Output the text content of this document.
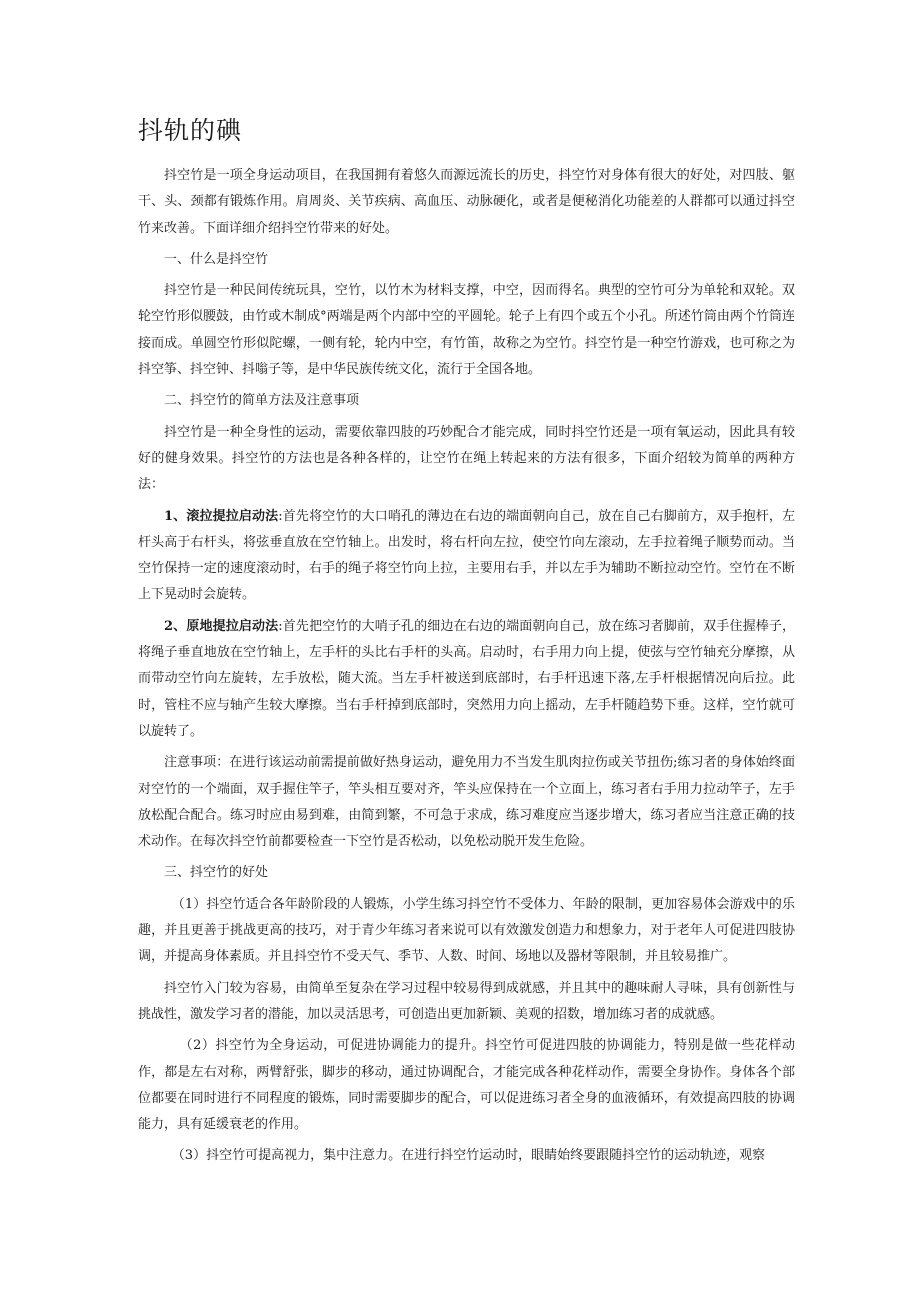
抖轨的碘

抖空竹是一项全身运动项目，在我国拥有着悠久而源远流长的历史，抖空竹对身体有很大的好处，对四肢、躯干、头、颈都有锻炼作用。肩周炎、关节疾病、高血压、动脉硬化，或者是便秘消化功能差的人群都可以通过抖空竹来改善。下面详细介绍抖空竹带来的好处。

一、什么是抖空竹

抖空竹是一种民间传统玩具，空竹，以竹木为材料支撑，中空，因而得名。典型的空竹可分为单轮和双轮。双轮空竹形似腰鼓，由竹或木制成°两端是两个内部中空的平圆轮。轮子上有四个或五个小孔。所述竹筒由两个竹筒连接而成。单圆空竹形似陀螺，一侧有轮，轮内中空，有竹笛，故称之为空竹。抖空竹是一种空竹游戏，也可称之为抖空筝、抖空钟、抖嗡子等，是中华民族传统文化，流行于全国各地。

二、抖空竹的简单方法及注意事项

抖空竹是一种全身性的运动，需要依靠四肢的巧妙配合才能完成，同时抖空竹还是一项有氧运动，因此具有较好的健身效果。抖空竹的方法也是各种各样的，让空竹在绳上转起来的方法有很多，下面介绍较为简单的两种方法：

1、滚拉提拉启动法:首先将空竹的大口哨孔的薄边在右边的端面朝向自己，放在自己右脚前方，双手抱杆，左杆头高于右杆头，将弦垂直放在空竹轴上。出发时，将右杆向左拉，使空竹向左滚动，左手拉着绳子顺势而动。当空竹保持一定的速度滚动时，右手的绳子将空竹向上拉，主要用右手，并以左手为辅助不断拉动空竹。空竹在不断上下晃动时会旋转。

2、原地提拉启动法:首先把空竹的大哨子孔的细边在右边的端面朝向自己，放在练习者脚前，双手住握棒子，将绳子垂直地放在空竹轴上，左手杆的头比右手杆的头高。启动时，右手用力向上提，使弦与空竹轴充分摩擦，从而带动空竹向左旋转，左手放松，随大流。当左手杆被送到底部时，右手杆迅速下落,左手杆根据情况向后拉。此时，管柱不应与轴产生较大摩擦。当右手杆掉到底部时，突然用力向上摇动，左手杆随趋势下垂。这样，空竹就可以旋转了。

注意事项：在进行该运动前需提前做好热身运动，避免用力不当发生肌肉拉伤或关节扭伤;练习者的身体始终面对空竹的一个端面，双手握住竿子，竿头相互要对齐，竿头应保持在一个立面上，练习者右手用力拉动竿子，左手放松配合配合。练习时应由易到难，由简到繁，不可急于求成，练习难度应当逐步增大，练习者应当注意正确的技术动作。在每次抖空竹前都要检查一下空竹是否松动，以免松动脱开发生危险。

三、抖空竹的好处

（1）抖空竹适合各年龄阶段的人锻炼，小学生练习抖空竹不受体力、年龄的限制，更加容易体会游戏中的乐趣，并且更善于挑战更高的技巧，对于青少年练习者来说可以有效激发创造力和想象力，对于老年人可促进四肢协调，并提高身体素质。并且抖空竹不受天气、季节、人数、时间、场地以及器材等限制，并且较易推广。

抖空竹入门较为容易，由简单至复杂在学习过程中较易得到成就感，并且其中的趣味耐人寻味，具有创新性与挑战性，激发学习者的潜能，加以灵活思考，可创造出更加新颖、美观的招数，增加练习者的成就感。

（2）抖空竹为全身运动，可促进协调能力的提升。抖空竹可促进四肢的协调能力，特别是做一些花样动作，都是左右对称，两臂舒张，脚步的移动，通过协调配合，才能完成各种花样动作，需要全身协作。身体各个部位都要在同时进行不同程度的锻炼，同时需要脚步的配合，可以促进练习者全身的血液循环，有效提高四肢的协调能力，具有延缓衰老的作用。

（3）抖空竹可提高视力，集中注意力。在进行抖空竹运动时，眼睛始终要跟随抖空竹的运动轨迹，观察
